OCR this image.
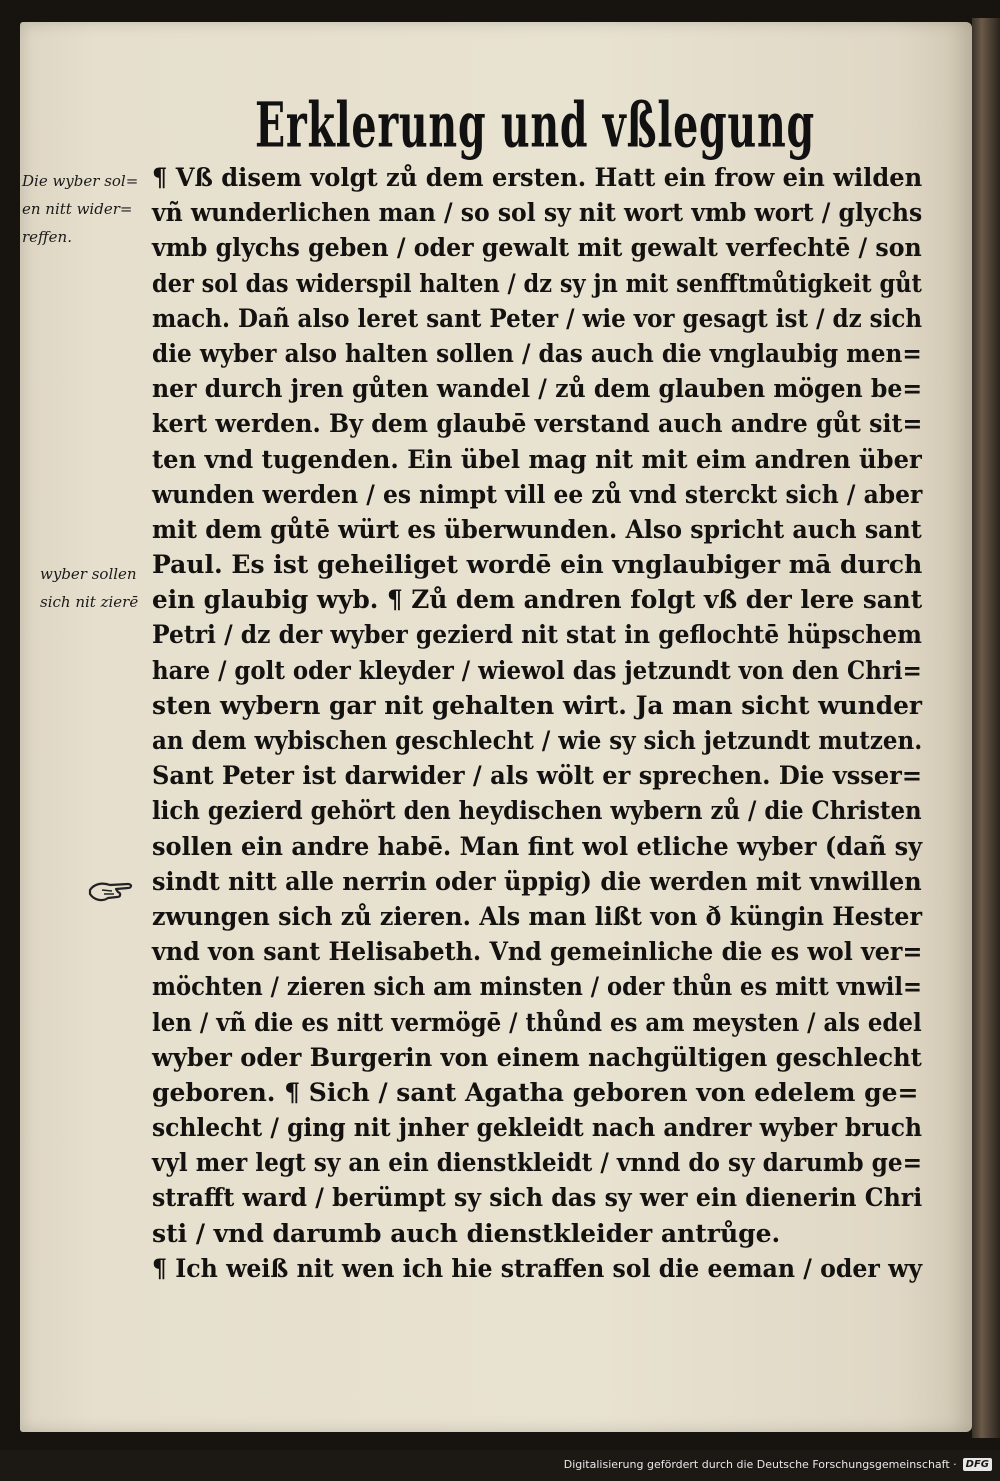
Erklerung und vßlegung
Die wyber sol=
en nitt wider=
reffen.
wyber sollen
sich nit zierē
¶ Vß disem volgt zů dem ersten. Hatt ein frow ein wilden
vñ wunderlichen man / so sol sy nit wort vmb wort / glychs
vmb glychs geben / oder gewalt mit gewalt verfechtē / son
der sol das widerspil halten / dz sy jn mit senfftmůtigkeit gůt
mach. Dañ also leret sant Peter / wie vor gesagt ist / dz sich
die wyber also halten sollen / das auch die vnglaubig men=
ner durch jren gůten wandel / zů dem glauben mögen be=
kert werden. By dem glaubē verstand auch andre gůt sit=
ten vnd tugenden. Ein übel mag nit mit eim andren über
wunden werden / es nimpt vill ee zů vnd sterckt sich / aber
mit dem gůtē würt es überwunden. Also spricht auch sant
Paul. Es ist geheiliget wordē ein vnglaubiger mā durch
ein glaubig wyb. ¶ Zů dem andren folgt vß der lere sant
Petri / dz der wyber gezierd nit stat in geflochtē hüpschem
hare / golt oder kleyder / wiewol das jetzundt von den Chri=
sten wybern gar nit gehalten wirt. Ja man sicht wunder
an dem wybischen geschlecht / wie sy sich jetzundt mutzen.
Sant Peter ist darwider / als wölt er sprechen. Die vsser=
lich gezierd gehört den heydischen wybern zů / die Christen
sollen ein andre habē. Man fint wol etliche wyber (dañ sy
sindt nitt alle nerrin oder üppig) die werden mit vnwillen
zwungen sich zů zieren. Als man lißt von ð küngin Hester
vnd von sant Helisabeth. Vnd gemeinliche die es wol ver=
möchten / zieren sich am minsten / oder thůn es mitt vnwil=
len / vñ die es nitt vermögē / thůnd es am meysten / als edel
wyber oder Burgerin von einem nachgültigen geschlecht
geboren. ¶ Sich / sant Agatha geboren von edelem ge=
schlecht / ging nit jnher gekleidt nach andrer wyber bruch
vyl mer legt sy an ein dienstkleidt / vnnd do sy darumb ge=
strafft ward / berümpt sy sich das sy wer ein dienerin Chri
sti / vnd darumb auch dienstkleider antrůge.
¶ Ich weiß nit wen ich hie straffen sol die eeman / oder wy
Digitalisierung gefördert durch die Deutsche Forschungsgemeinschaft · DFG
